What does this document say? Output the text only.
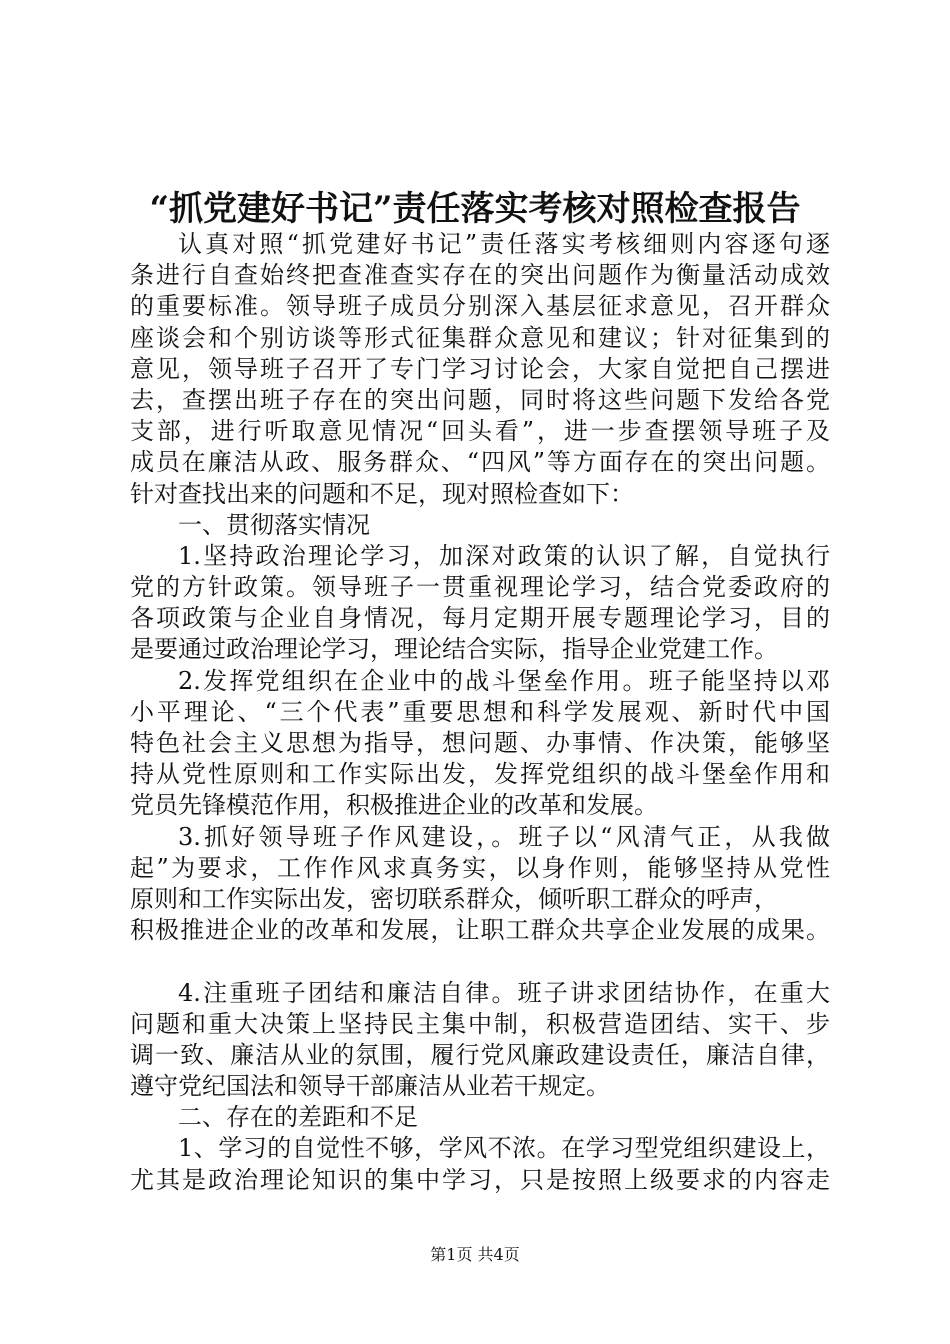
“抓党建好书记”责任落实考核对照检查报告
认真对照“抓党建好书记”责任落实考核细则内容逐句逐
条进行自查始终把查准查实存在的突出问题作为衡量活动成效
的重要标准。领导班子成员分别深入基层征求意见，召开群众
座谈会和个别访谈等形式征集群众意见和建议；针对征集到的
意见，领导班子召开了专门学习讨论会，大家自觉把自己摆进
去，查摆出班子存在的突出问题，同时将这些问题下发给各党
支部，进行听取意见情况“回头看”，进一步查摆领导班子及
成员在廉洁从政、服务群众、“四风”等方面存在的突出问题。
针对查找出来的问题和不足，现对照检查如下：
一、贯彻落实情况
1.坚持政治理论学习，加深对政策的认识了解，自觉执行
党的方针政策。领导班子一贯重视理论学习，结合党委政府的
各项政策与企业自身情况，每月定期开展专题理论学习，目的
是要通过政治理论学习，理论结合实际，指导企业党建工作。
2.发挥党组织在企业中的战斗堡垒作用。班子能坚持以邓
小平理论、“三个代表”重要思想和科学发展观、新时代中国
特色社会主义思想为指导，想问题、办事情、作决策，能够坚
持从党性原则和工作实际出发，发挥党组织的战斗堡垒作用和
党员先锋模范作用，积极推进企业的改革和发展。
3.抓好领导班子作风建设，。班子以“风清气正，从我做
起”为要求，工作作风求真务实，以身作则，能够坚持从党性
原则和工作实际出发，密切联系群众，倾听职工群众的呼声，
积极推进企业的改革和发展，让职工群众共享企业发展的成果。
4.注重班子团结和廉洁自律。班子讲求团结协作，在重大
问题和重大决策上坚持民主集中制，积极营造团结、实干、步
调一致、廉洁从业的氛围，履行党风廉政建设责任，廉洁自律，
遵守党纪国法和领导干部廉洁从业若干规定。
二、存在的差距和不足
1、学习的自觉性不够，学风不浓。在学习型党组织建设上，
尤其是政治理论知识的集中学习，只是按照上级要求的内容走
第1页 共4页
